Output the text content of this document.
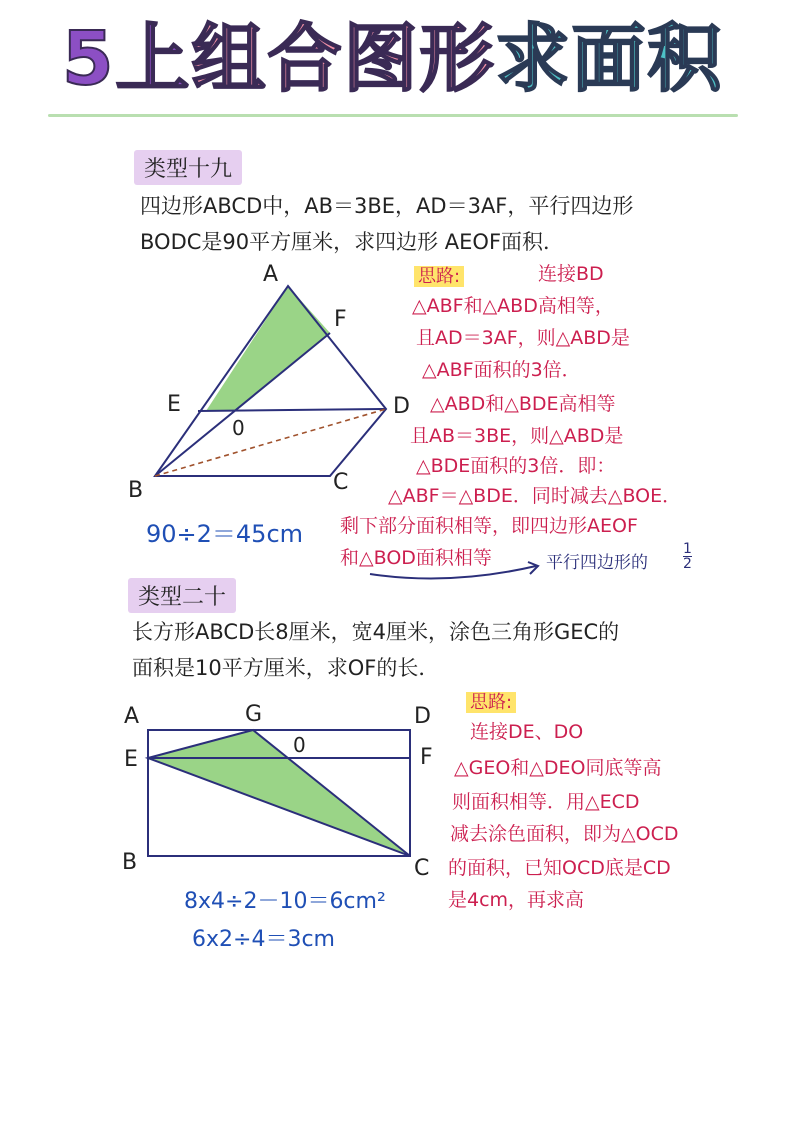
5上组合图形求面积
类型十九
四边形ABCD中，AB＝3BE，AD＝3AF，平行四边形
BODC是90平方厘米，求四边形 AEOF面积．
A
F
E
0
D
B	C
90÷2＝45cm
思路:	连接BD
△ABF和△ABD高相等，
且AD＝3AF，则△ABD是
△ABF面积的3倍．
△ABD和△BDE高相等
且AB＝3BE，则△ABD是
△BDE面积的3倍．即：
△ABF＝△BDE．同时减去△BOE．
剩下部分面积相等，即四边形AEOF
和△BOD面积相等	平行四边形的	$\frac{1}{2}$
类型二十
长方形ABCD长8厘米，宽4厘米，涂色三角形GEC的
面积是10平方厘米，求OF的长．
A	G	D
E
0	F
B	C
8x4÷2－10＝6cm²
6x2÷4＝3cm
思路:
连接DE、DO
△GEO和△DEO同底等高
则面积相等．用△ECD
减去涂色面积，即为△OCD
的面积，已知OCD底是CD
是4cm，再求高
